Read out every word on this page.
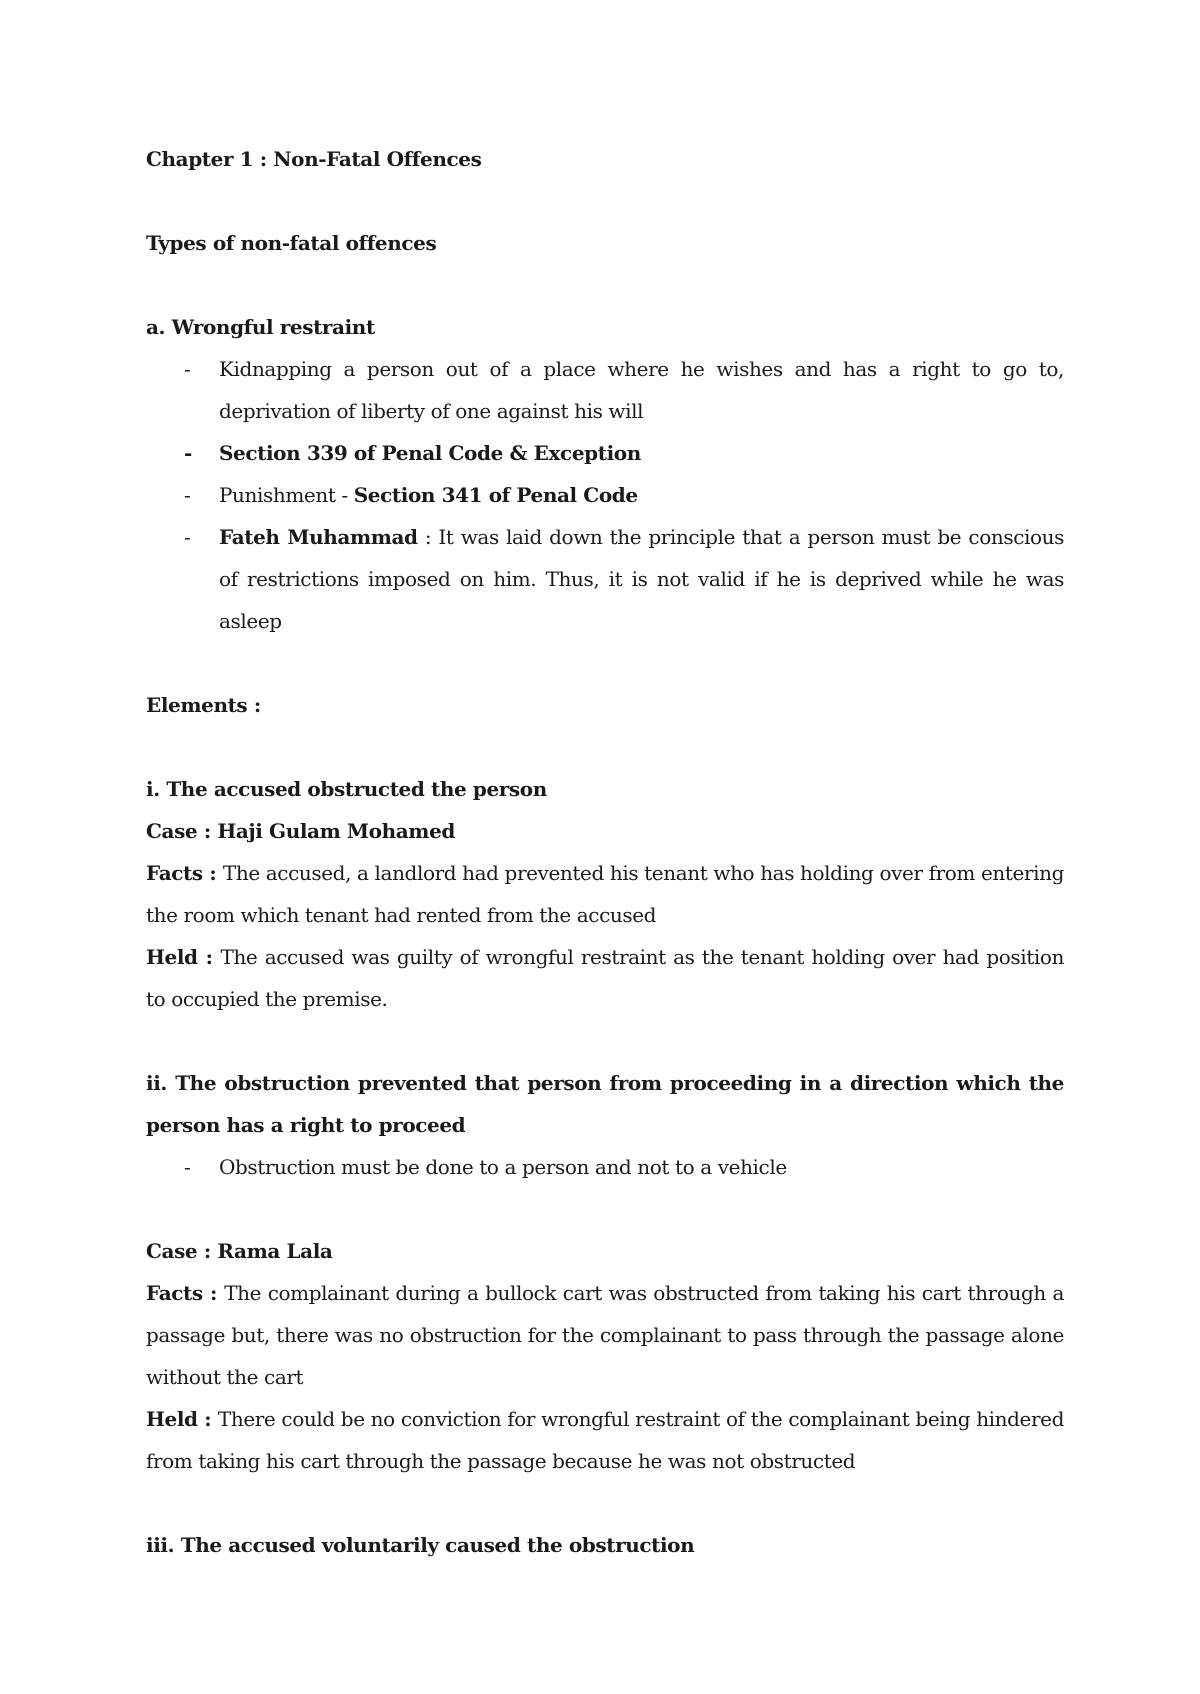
Chapter 1 : Non-Fatal Offences

Types of non-fatal offences

a. Wrongful restraint

- Kidnapping a person out of a place where he wishes and has a right to go to, deprivation of liberty of one against his will
- Section 339 of Penal Code & Exception
- Punishment - Section 341 of Penal Code
- Fateh Muhammad : It was laid down the principle that a person must be conscious of restrictions imposed on him. Thus, it is not valid if he is deprived while he was asleep

Elements :

i. The accused obstructed the person

Case : Haji Gulam Mohamed

Facts : The accused, a landlord had prevented his tenant who has holding over from entering the room which tenant had rented from the accused

Held : The accused was guilty of wrongful restraint as the tenant holding over had position to occupied the premise.

ii. The obstruction prevented that person from proceeding in a direction which the person has a right to proceed

- Obstruction must be done to a person and not to a vehicle

Case : Rama Lala

Facts : The complainant during a bullock cart was obstructed from taking his cart through a passage but, there was no obstruction for the complainant to pass through the passage alone without the cart

Held : There could be no conviction for wrongful restraint of the complainant being hindered from taking his cart through the passage because he was not obstructed

iii. The accused voluntarily caused the obstruction
